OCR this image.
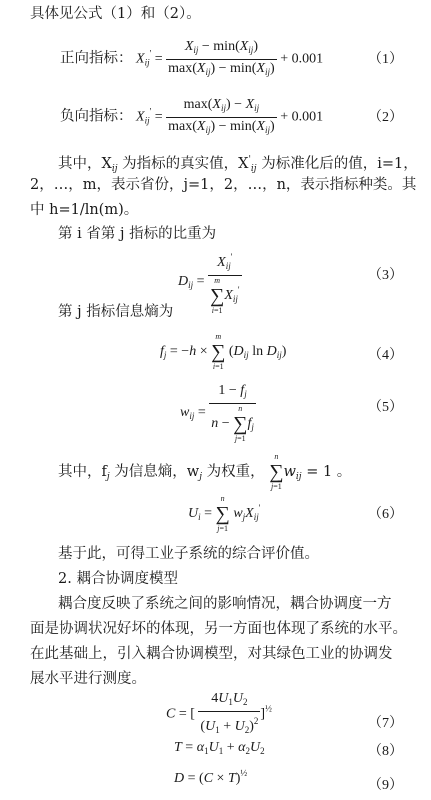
具体见公式（1）和（2）。
正向指标： $X_{ij}' = \frac{X_{ij} - \min(X_{ij})}{\max(X_{ij}) - \min(X_{ij})} + 0.001$	（1）
负向指标： $X_{ij}' = \frac{\max(X_{ij}) - X_{ij}}{\max(X_{ij}) - \min(X_{ij})} + 0.001$	（2）
其中，$X_{ij}$ 为指标的真实值，$X'_{ij}$ 为标准化后的值，i=1，
2，…，m，表示省份，j=1，2，…，n，表示指标种类。其
中 h=1/ln(m)。
第 i 省第 j 指标的比重为
$D_{ij} = X_{ij}'$
m
∑
$i=1X_{ij}'$	（3）
第 j 指标信息熵为
$f_j = -h \times m$
∑
i=1 ($D_{ij}$ $\ln D_{ij}$)	（4）
$w_{ij} = 1 - f_j$
n − n
∑
$j=1f_j$	（5）
其中，$f_j$ 为信息熵，$w_j$ 为权重， n
∑
$j=1w_{ij} = 1$ 。
$U_i = n$
∑
j=1 $w_jX_{ij}'$	（6）
基于此，可得工业子系统的综合评价值。
2. 耦合协调度模型
耦合度反映了系统之间的影响情况，耦合协调度一方
面是协调状况好坏的体现，另一方面也体现了系统的水平。
在此基础上，引入耦合协调模型，对其绿色工业的协调发
展水平进行测度。
C = [ $\frac{4U_1U_2}{(U_1 + U_2)^2} ]^{\frac{1}{2}}$
（7）
$T = \alpha_1U_1 + \alpha_2U_2$	（8）
$D = (C \times T)^{\frac{1}{2}}$
（9）
